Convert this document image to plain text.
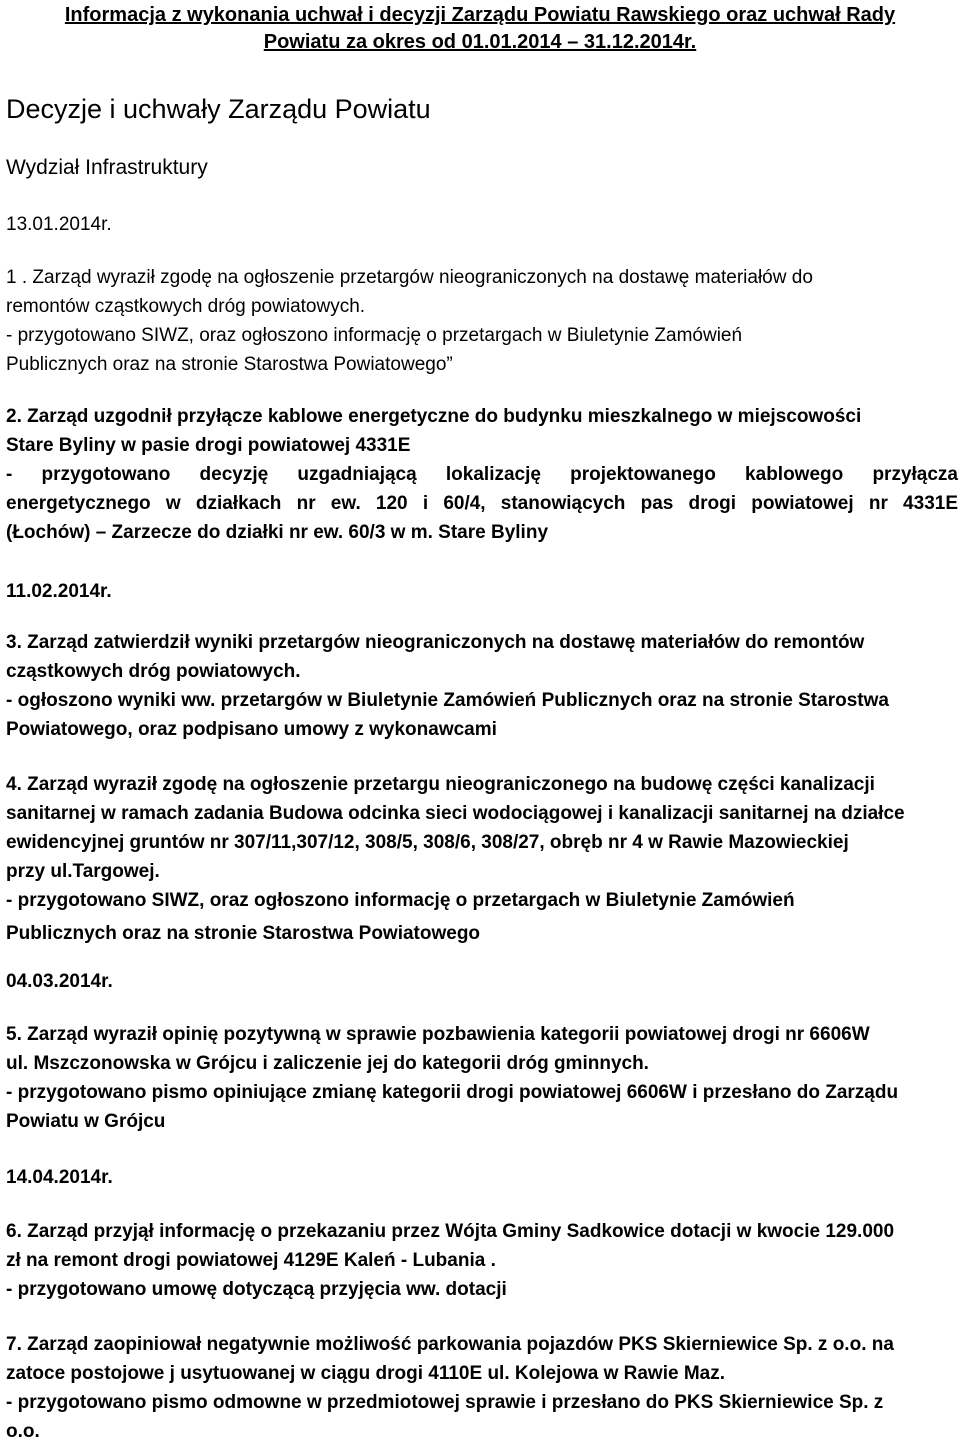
Informacja z wykonania uchwał i decyzji Zarządu Powiatu Rawskiego oraz uchwał Rady
Powiatu za okres od 01.01.2014 – 31.12.2014r.
Decyzje i uchwały Zarządu Powiatu
Wydział Infrastruktury
13.01.2014r.
1 . Zarząd wyraził zgodę na ogłoszenie przetargów nieograniczonych na dostawę materiałów do
remontów cząstkowych dróg powiatowych.
- przygotowano SIWZ, oraz ogłoszono informację o przetargach w Biuletynie Zamówień
Publicznych oraz na stronie Starostwa Powiatowego”
2. Zarząd uzgodnił przyłącze kablowe energetyczne do budynku mieszkalnego w miejscowości
Stare Byliny w pasie drogi powiatowej 4331E
- przygotowano decyzję uzgadniającą lokalizację projektowanego kablowego przyłącza
energetycznego w działkach nr ew. 120 i 60/4, stanowiących pas drogi powiatowej nr 4331E
(Łochów) – Zarzecze do działki nr ew. 60/3 w m. Stare Byliny
11.02.2014r.
3. Zarząd zatwierdził wyniki przetargów nieograniczonych na dostawę materiałów do remontów
cząstkowych dróg powiatowych.
- ogłoszono wyniki ww. przetargów w Biuletynie Zamówień Publicznych oraz na stronie Starostwa
Powiatowego, oraz podpisano umowy z wykonawcami
4. Zarząd wyraził zgodę na ogłoszenie przetargu nieograniczonego na budowę części kanalizacji
sanitarnej w ramach zadania Budowa odcinka sieci wodociągowej i kanalizacji sanitarnej na działce
ewidencyjnej gruntów nr 307/11,307/12, 308/5, 308/6, 308/27, obręb nr 4 w Rawie Mazowieckiej
przy ul.Targowej.
- przygotowano SIWZ, oraz ogłoszono informację o przetargach w Biuletynie Zamówień
Publicznych oraz na stronie Starostwa Powiatowego
04.03.2014r.
5. Zarząd wyraził opinię pozytywną w sprawie pozbawienia kategorii powiatowej drogi nr 6606W
ul. Mszczonowska w Grójcu i zaliczenie jej do kategorii dróg gminnych.
- przygotowano pismo opiniujące zmianę kategorii drogi powiatowej 6606W i przesłano do Zarządu
Powiatu w Grójcu
14.04.2014r.
6. Zarząd przyjął informację o przekazaniu przez Wójta Gminy Sadkowice dotacji w kwocie 129.000
zł na remont drogi powiatowej 4129E Kaleń - Lubania .
- przygotowano umowę dotyczącą przyjęcia ww. dotacji
7. Zarząd zaopiniował negatywnie możliwość parkowania pojazdów PKS Skierniewice Sp. z o.o. na
zatoce postojowe j usytuowanej w ciągu drogi 4110E ul. Kolejowa w Rawie Maz.
- przygotowano pismo odmowne w przedmiotowej sprawie i przesłano do PKS Skierniewice Sp. z
o.o.
